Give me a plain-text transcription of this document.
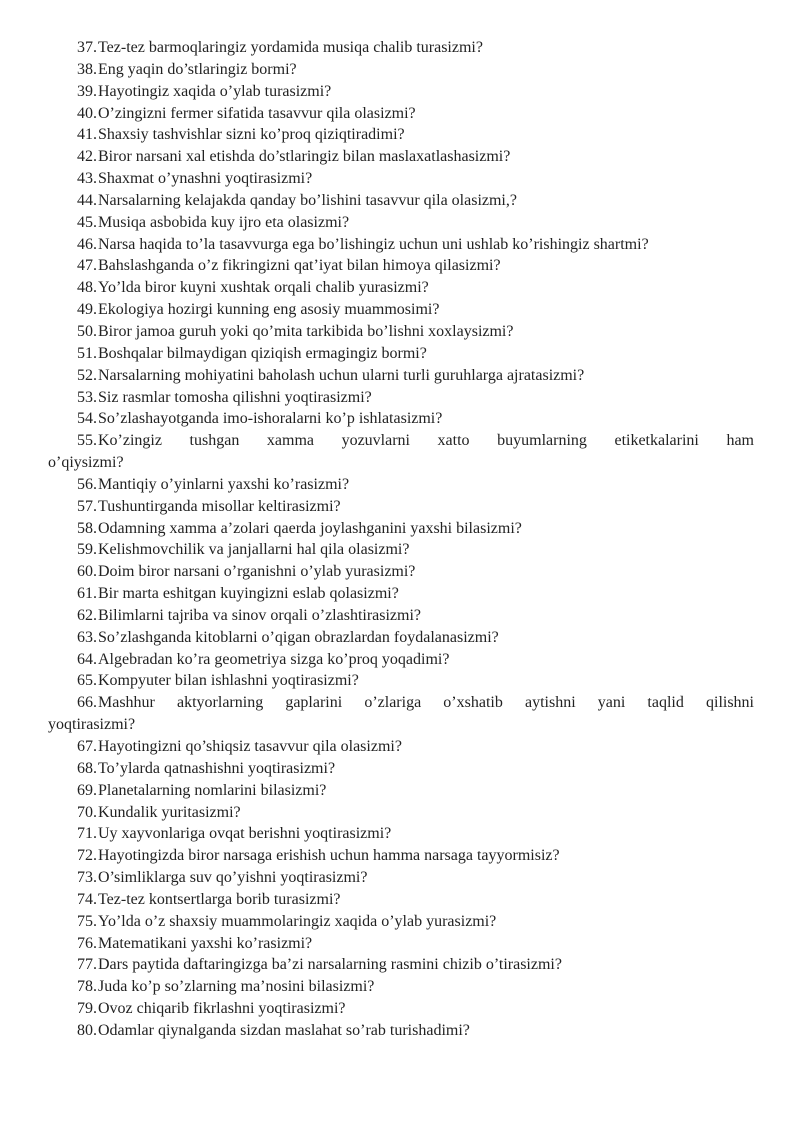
37. Tez-tez barmoqlaringiz yordamida musiqa chalib turasizmi?
38. Eng yaqin do’stlaringiz bormi?
39. Hayotingiz xaqida o’ylab turasizmi?
40. O’zingizni fermer sifatida tasavvur qila olasizmi?
41. Shaxsiy tashvishlar sizni ko’proq qiziqtiradimi?
42. Biror narsani xal etishda do’stlaringiz bilan maslaxatlashasizmi?
43. Shaxmat o’ynashni yoqtirasizmi?
44. Narsalarning kelajakda qanday bo’lishini tasavvur qila olasizmi,?
45. Musiqa asbobida kuy ijro eta olasizmi?
46. Narsa haqida to’la tasavvurga ega bo’lishingiz uchun uni ushlab ko’rishingiz shartmi?
47. Bahslashganda o’z fikringizni qat’iyat bilan himoya qilasizmi?
48. Yo’lda biror kuyni xushtak orqali chalib yurasizmi?
49. Ekologiya hozirgi kunning eng asosiy muammosimi?
50. Biror jamoa guruh yoki qo’mita tarkibida bo’lishni xoxlaysizmi?
51. Boshqalar bilmaydigan qiziqish ermagingiz bormi?
52. Narsalarning mohiyatini baholash uchun ularni turli guruhlarga ajratasizmi?
53. Siz rasmlar tomosha qilishni yoqtirasizmi?
54. So’zlashayotganda imo-ishoralarni ko’p ishlatasizmi?
55. Ko’zingiz tushgan xamma yozuvlarni xatto buyumlarning etiketkalarini ham
o’qiysizmi?
56. Mantiqiy o’yinlarni yaxshi ko’rasizmi?
57. Tushuntirganda misollar keltirasizmi?
58. Odamning xamma a’zolari qaerda joylashganini yaxshi bilasizmi?
59. Kelishmovchilik va janjallarni hal qila olasizmi?
60. Doim biror narsani o’rganishni o’ylab yurasizmi?
61. Bir marta eshitgan kuyingizni eslab qolasizmi?
62. Bilimlarni tajriba va sinov orqali o’zlashtirasizmi?
63. So’zlashganda kitoblarni o’qigan obrazlardan foydalanasizmi?
64. Algebradan ko’ra geometriya sizga ko’proq yoqadimi?
65. Kompyuter bilan ishlashni yoqtirasizmi?
66. Mashhur aktyorlarning gaplarini o’zlariga o’xshatib aytishni yani taqlid qilishni
yoqtirasizmi?
67. Hayotingizni qo’shiqsiz tasavvur qila olasizmi?
68. To’ylarda qatnashishni yoqtirasizmi?
69. Planetalarning nomlarini bilasizmi?
70. Kundalik yuritasizmi?
71. Uy xayvonlariga ovqat berishni yoqtirasizmi?
72. Hayotingizda biror narsaga erishish uchun hamma narsaga tayyormisiz?
73. O’simliklarga suv qo’yishni yoqtirasizmi?
74. Tez-tez kontsertlarga borib turasizmi?
75. Yo’lda o’z shaxsiy muammolaringiz xaqida o’ylab yurasizmi?
76. Matematikani yaxshi ko’rasizmi?
77. Dars paytida daftaringizga ba’zi narsalarning rasmini chizib o’tirasizmi?
78. Juda ko’p so’zlarning ma’nosini bilasizmi?
79. Ovoz chiqarib fikrlashni yoqtirasizmi?
80. Odamlar qiynalganda sizdan maslahat so’rab turishadimi?
